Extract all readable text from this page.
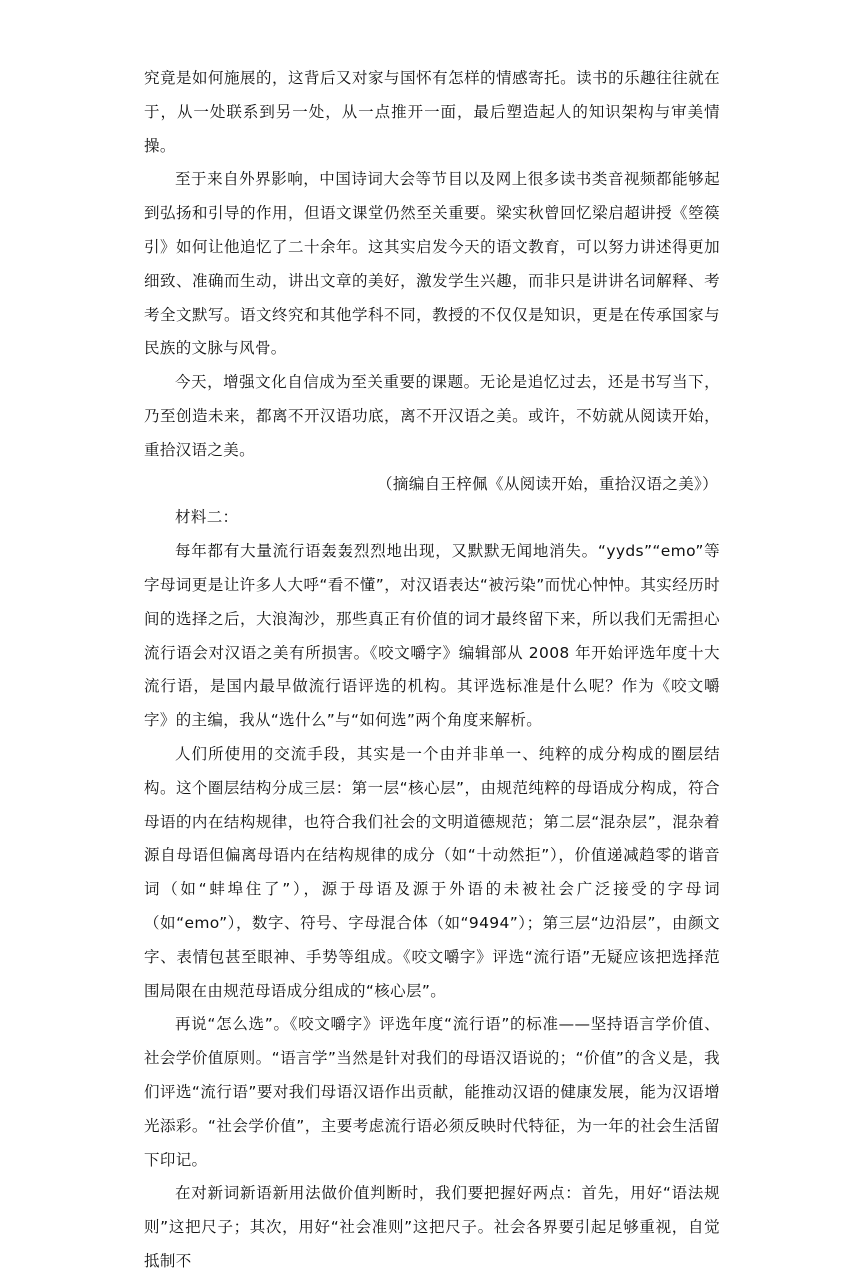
究竟是如何施展的，这背后又对家与国怀有怎样的情感寄托。读书的乐趣往往就在于，从一处联系到另一处，从一点推开一面，最后塑造起人的知识架构与审美情操。

至于来自外界影响，中国诗词大会等节目以及网上很多读书类音视频都能够起到弘扬和引导的作用，但语文课堂仍然至关重要。梁实秋曾回忆梁启超讲授《箜篌引》如何让他追忆了二十余年。这其实启发今天的语文教育，可以努力讲述得更加细致、准确而生动，讲出文章的美好，激发学生兴趣，而非只是讲讲名词解释、考考全文默写。语文终究和其他学科不同，教授的不仅仅是知识，更是在传承国家与民族的文脉与风骨。

今天，增强文化自信成为至关重要的课题。无论是追忆过去，还是书写当下，乃至创造未来，都离不开汉语功底，离不开汉语之美。或许，不妨就从阅读开始，重拾汉语之美。

（摘编自王梓佩《从阅读开始，重拾汉语之美》）

材料二：

每年都有大量流行语轰轰烈烈地出现，又默默无闻地消失。“yyds”“emo”等字母词更是让许多人大呼“看不懂”，对汉语表达“被污染”而忧心忡忡。其实经历时间的选择之后，大浪淘沙，那些真正有价值的词才最终留下来，所以我们无需担心流行语会对汉语之美有所损害。《咬文嚼字》编辑部从 2008 年开始评选年度十大流行语，是国内最早做流行语评选的机构。其评选标准是什么呢？作为《咬文嚼字》的主编，我从“选什么”与“如何选”两个角度来解析。

人们所使用的交流手段，其实是一个由并非单一、纯粹的成分构成的圈层结构。这个圈层结构分成三层：第一层“核心层”，由规范纯粹的母语成分构成，符合母语的内在结构规律，也符合我们社会的文明道德规范；第二层“混杂层”，混杂着源自母语但偏离母语内在结构规律的成分（如“十动然拒”），价值递减趋零的谐音词（如“蚌埠住了”），源于母语及源于外语的未被社会广泛接受的字母词（如“emo”），数字、符号、字母混合体（如“9494”）；第三层“边沿层”，由颜文字、表情包甚至眼神、手势等组成。《咬文嚼字》评选“流行语”无疑应该把选择范围局限在由规范母语成分组成的“核心层”。

再说“怎么选”。《咬文嚼字》评选年度“流行语”的标准——坚持语言学价值、社会学价值原则。“语言学”当然是针对我们的母语汉语说的；“价值”的含义是，我们评选“流行语”要对我们母语汉语作出贡献，能推动汉语的健康发展，能为汉语增光添彩。“社会学价值”，主要考虑流行语必须反映时代特征，为一年的社会生活留下印记。

在对新词新语新用法做价值判断时，我们要把握好两点：首先，用好“语法规则”这把尺子；其次，用好“社会准则”这把尺子。社会各界要引起足够重视，自觉抵制不
